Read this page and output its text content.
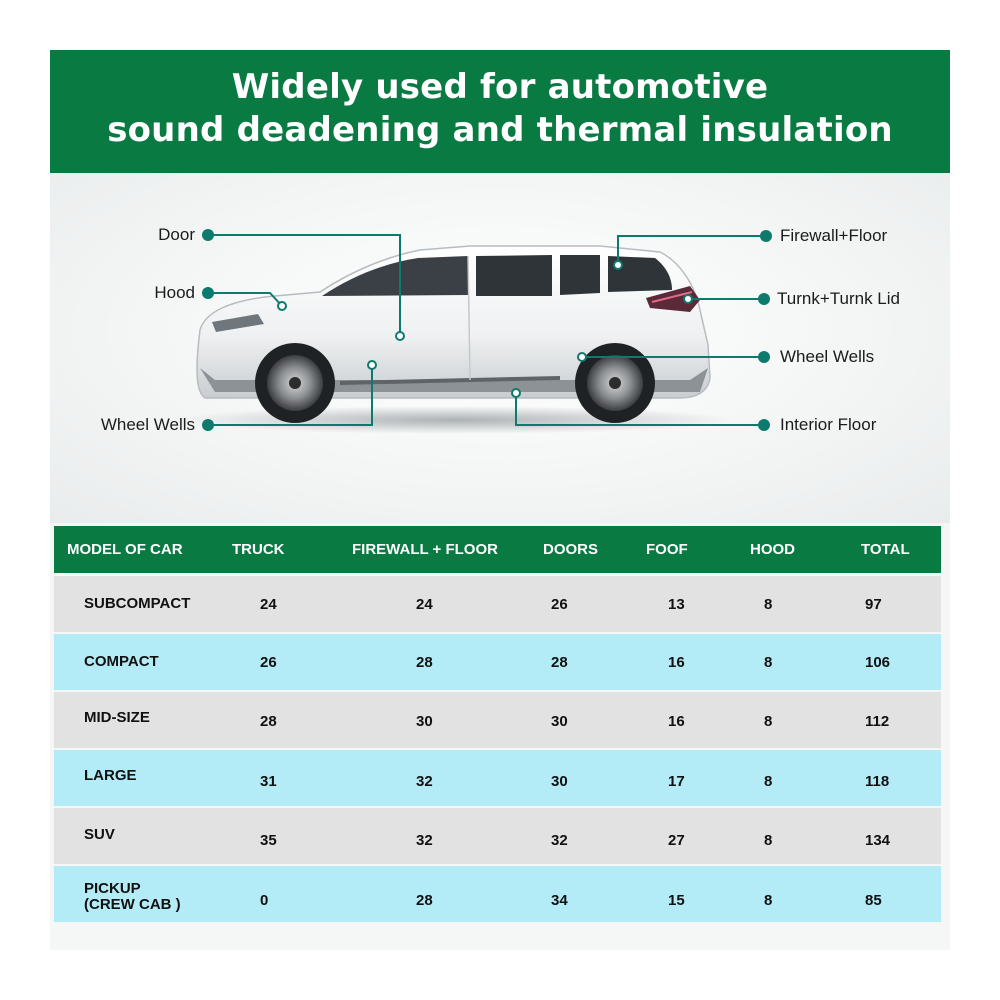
Widely used for automotive
sound deadening and thermal insulation
Door
Hood
Wheel Wells
Firewall+Floor
Turnk+Turnk Lid
Wheel Wells
Interior Floor
MODEL OF CAR	TRUCK	FIREWALL + FLOOR	DOORS	FOOF	HOOD	TOTAL
SUBCOMPACT	24	24	26	13	8	97
COMPACT	26	28	28	16	8	106
MID-SIZE	28	30	30	16	8	112
LARGE	31	32	30	17	8	118
SUV	35	32	32	27	8	134
PICKUP
(CREW CAB )	0	28	34	15	8	85
